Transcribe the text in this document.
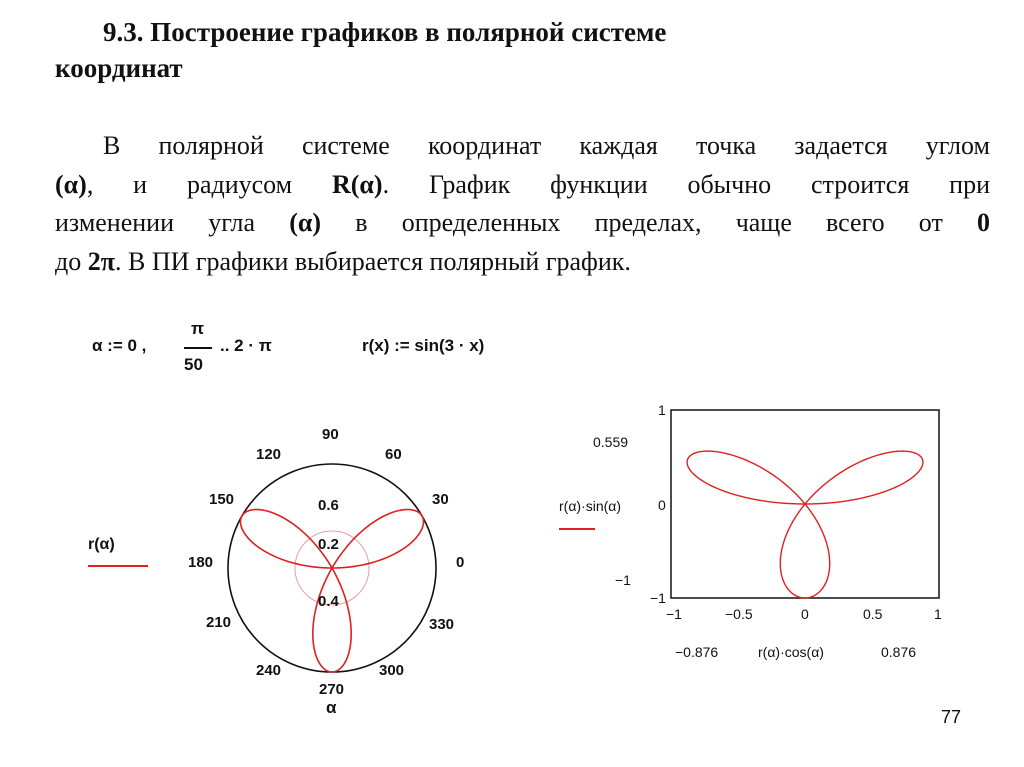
9.3. Построение графиков в полярной системе
координат

В полярной системе координат каждая точка задается углом

(α), и радиусом R(α). График функции обычно строится при

изменении угла (α) в определенных пределах, чаще всего от 0

до 2π. В ПИ графики выбирается полярный график.

α := 0 ,
π
50
.. 2 · π	r(x) := sin(3 · x)
90
60
120
30
150
0
180
210	330
240	300
270
α
0.6
0.2
0.4
r(α)
1
0
−1
−1	−0.5	0	0.5	1
0.559
−1
r(α)·sin(α)
−0.876	r(α)·cos(α)	0.876
77
